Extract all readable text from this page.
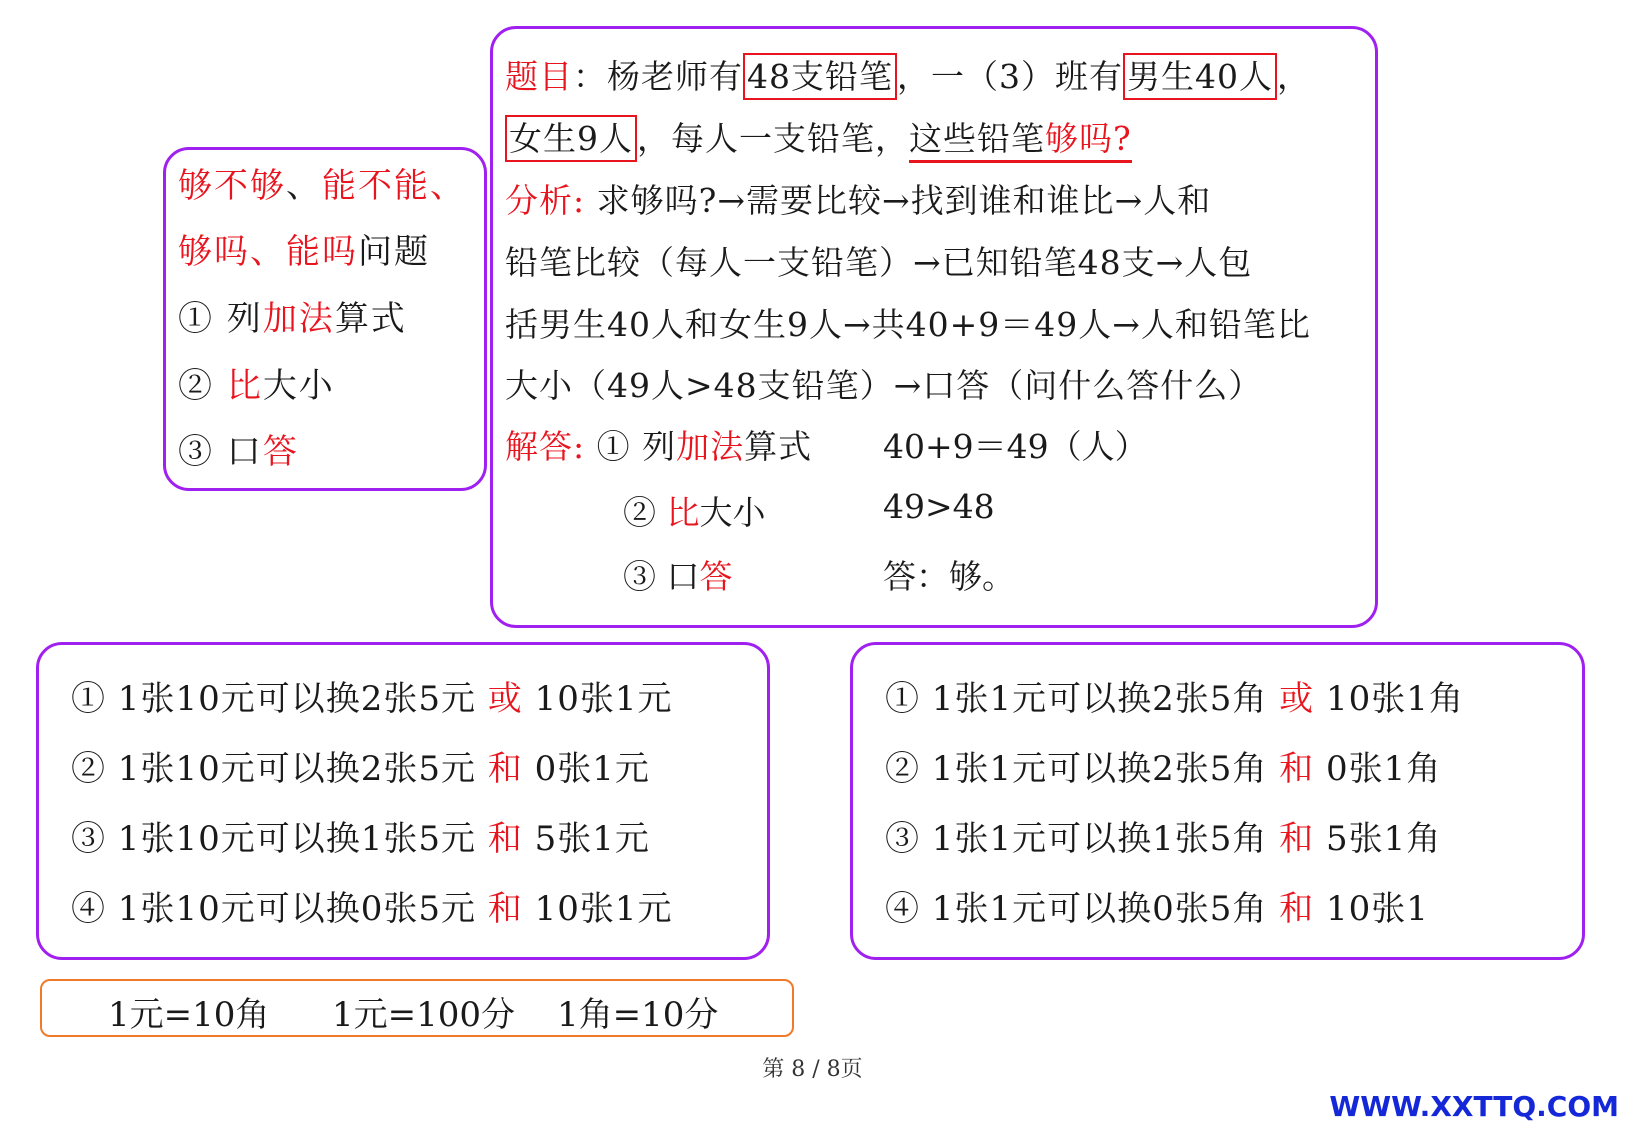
够不够、能不能、
够吗、能吗问题
① 列加法算式
② 比大小
③ 口答
题目：杨老师有 48支铅笔 ，一（3）班有 男生40人 ，
女生9人 ，每人一支铅笔，这些铅笔够吗?
分析: 求够吗?→需要比较→找到谁和谁比→人和
铅笔比较（每人一支铅笔）→已知铅笔48支→人包
括男生40人和女生9人→共40+9＝49人→人和铅笔比
大小（49人>48支铅笔）→口答（问什么答什么）
解答: ① 列加法算式 40+9＝49（人）
② 比大小	49>48
③ 口答	答：够。
① 1张10元可以换2张5元 或 10张1元
② 1张10元可以换2张5元 和 0张1元
③ 1张10元可以换1张5元 和 5张1元
④ 1张10元可以换0张5元 和 10张1元
① 1张1元可以换2张5角 或 10张1角
② 1张1元可以换2张5角 和 0张1角
③ 1张1元可以换1张5角 和 5张1角
④ 1张1元可以换0张5角 和 10张1
1元=10角 1元=100分 1角=10分
第 8 / 8页
WWW.XXTTQ.COM
